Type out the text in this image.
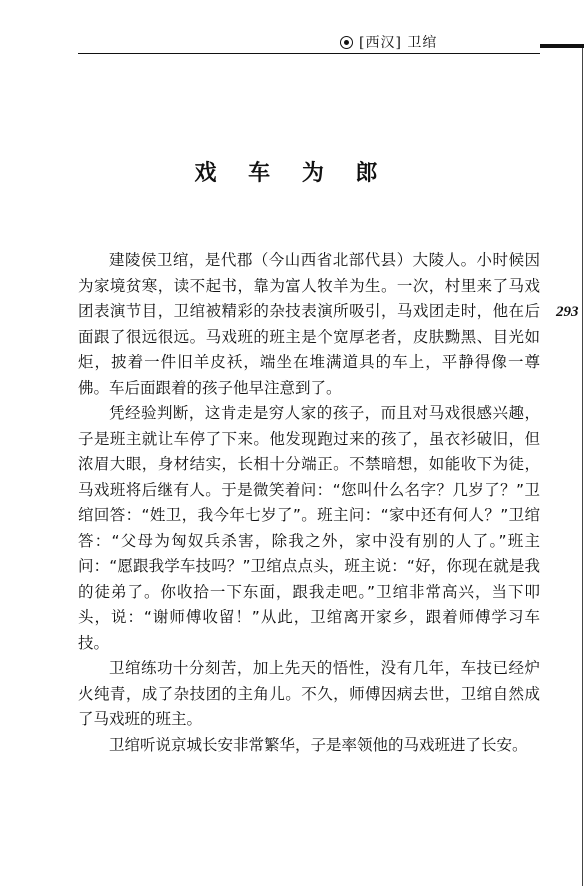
[西汉] 卫绾
293
戏 车 为 郎

建陵侯卫绾，是代郡（今山西省北部代县）大陵人。小时候因为家境贫寒，读不起书，靠为富人牧羊为生。一次，村里来了马戏团表演节目，卫绾被精彩的杂技表演所吸引，马戏团走时，他在后面跟了很远很远。马戏班的班主是个宽厚老者，皮肤黝黑、目光如炬，披着一件旧羊皮袄，端坐在堆满道具的车上，平静得像一尊佛。车后面跟着的孩子他早注意到了。

凭经验判断，这肯走是穷人家的孩子，而且对马戏很感兴趣，子是班主就让车停了下来。他发现跑过来的孩了，虽衣衫破旧，但浓眉大眼，身材结实，长相十分端正。不禁暗想，如能收下为徒，马戏班将后继有人。于是微笑着问：“您叫什么名字？几岁了？”卫绾回答：“姓卫，我今年七岁了”。班主问：“家中还有何人？”卫绾答：“父母为匈奴兵杀害，除我之外，家中没有别的人了。”班主问：“愿跟我学车技吗？”卫绾点点头，班主说：“好，你现在就是我的徒弟了。你收拾一下东面，跟我走吧。”卫绾非常高兴，当下叩头，说：“谢师傅收留！”从此，卫绾离开家乡，跟着师傅学习车技。

卫绾练功十分刻苦，加上先天的悟性，没有几年，车技已经炉火纯青，成了杂技团的主角儿。不久，师傅因病去世，卫绾自然成了马戏班的班主。

卫绾听说京城长安非常繁华，子是率领他的马戏班进了长安。
